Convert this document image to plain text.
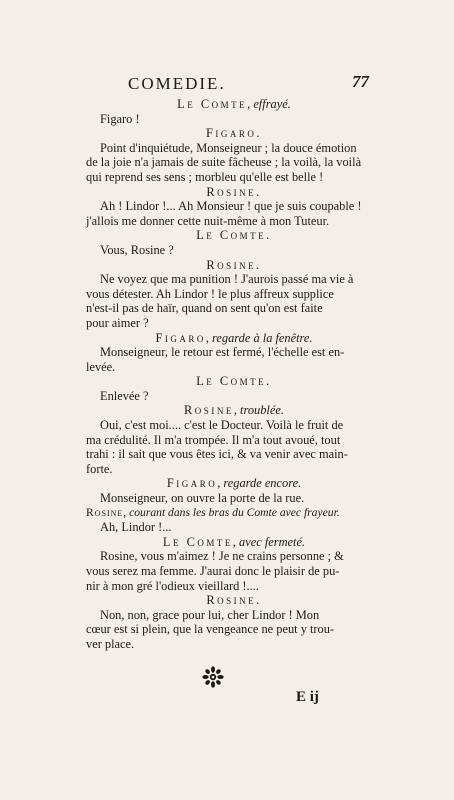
COMEDIE.	77
Le Comte, effrayé.
Figaro !
Figaro.
Point d'inquiétude, Monseigneur ; la douce émotion
de la joie n'a jamais de suite fâcheuse ; la voilà, la voilà
qui reprend ses sens ; morbleu qu'elle est belle !
Rosine.
Ah ! Lindor !... Ah Monsieur ! que je suis coupable !
j'allois me donner cette nuit-même à mon Tuteur.
Le Comte.
Vous, Rosine ?
Rosine.
Ne voyez que ma punition ! J'aurois passé ma vie à
vous détester. Ah Lindor ! le plus affreux supplice
n'est-il pas de haïr, quand on sent qu'on est faite
pour aimer ?
Figaro, regarde à la fenêtre.
Monseigneur, le retour est fermé, l'échelle est en-
levée.
Le Comte.
Enlevée ?
Rosine, troublée.
Oui, c'est moi.... c'est le Docteur. Voilà le fruit de
ma crédulité. Il m'a trompée. Il m'a tout avoué, tout
trahi : il sait que vous êtes ici, & va venir avec main-
forte.
Figaro, regarde encore.
Monseigneur, on ouvre la porte de la rue.
Rosine, courant dans les bras du Comte avec frayeur.
Ah, Lindor !...
Le Comte, avec fermeté.
Rosine, vous m'aimez ! Je ne crains personne ; &
vous serez ma femme. J'aurai donc le plaisir de pu-
nir à mon gré l'odieux vieillard !....
Rosine.
Non, non, grace pour lui, cher Lindor ! Mon
cœur est si plein, que la vengeance ne peut y trou-
ver place.
E ij
